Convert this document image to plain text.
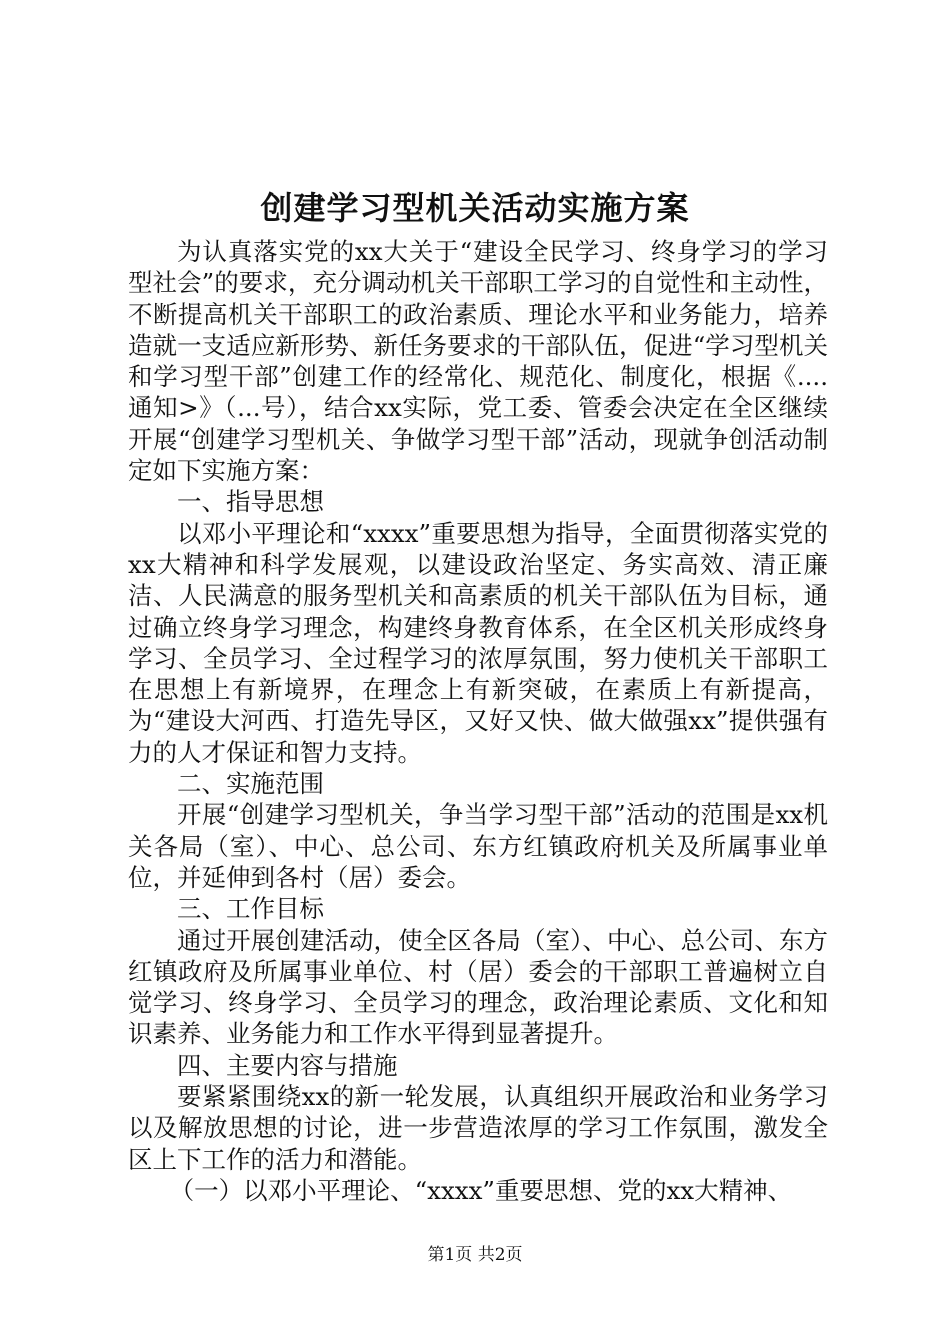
创建学习型机关活动实施方案

为认真落实党的xx大关于“建设全民学习、终身学习的学习型社会”的要求，充分调动机关干部职工学习的自觉性和主动性，不断提高机关干部职工的政治素质、理论水平和业务能力，培养造就一支适应新形势、新任务要求的干部队伍，促进“学习型机关和学习型干部”创建工作的经常化、规范化、制度化，根据《....通知>》（...号），结合xx实际，党工委、管委会决定在全区继续开展“创建学习型机关、争做学习型干部”活动，现就争创活动制定如下实施方案：

一、指导思想

以邓小平理论和“xxxx”重要思想为指导，全面贯彻落实党的xx大精神和科学发展观，以建设政治坚定、务实高效、清正廉洁、人民满意的服务型机关和高素质的机关干部队伍为目标，通过确立终身学习理念，构建终身教育体系，在全区机关形成终身学习、全员学习、全过程学习的浓厚氛围，努力使机关干部职工在思想上有新境界，在理念上有新突破，在素质上有新提高，为“建设大河西、打造先导区，又好又快、做大做强xx”提供强有力的人才保证和智力支持。

二、实施范围

开展“创建学习型机关，争当学习型干部”活动的范围是xx机关各局（室）、中心、总公司、东方红镇政府机关及所属事业单位，并延伸到各村（居）委会。

三、工作目标

通过开展创建活动，使全区各局（室）、中心、总公司、东方红镇政府及所属事业单位、村（居）委会的干部职工普遍树立自觉学习、终身学习、全员学习的理念，政治理论素质、文化和知识素养、业务能力和工作水平得到显著提升。

四、主要内容与措施

要紧紧围绕xx的新一轮发展，认真组织开展政治和业务学习以及解放思想的讨论，进一步营造浓厚的学习工作氛围，激发全区上下工作的活力和潜能。

（一）以邓小平理论、“xxxx”重要思想、党的xx大精神、

第1页 共2页
